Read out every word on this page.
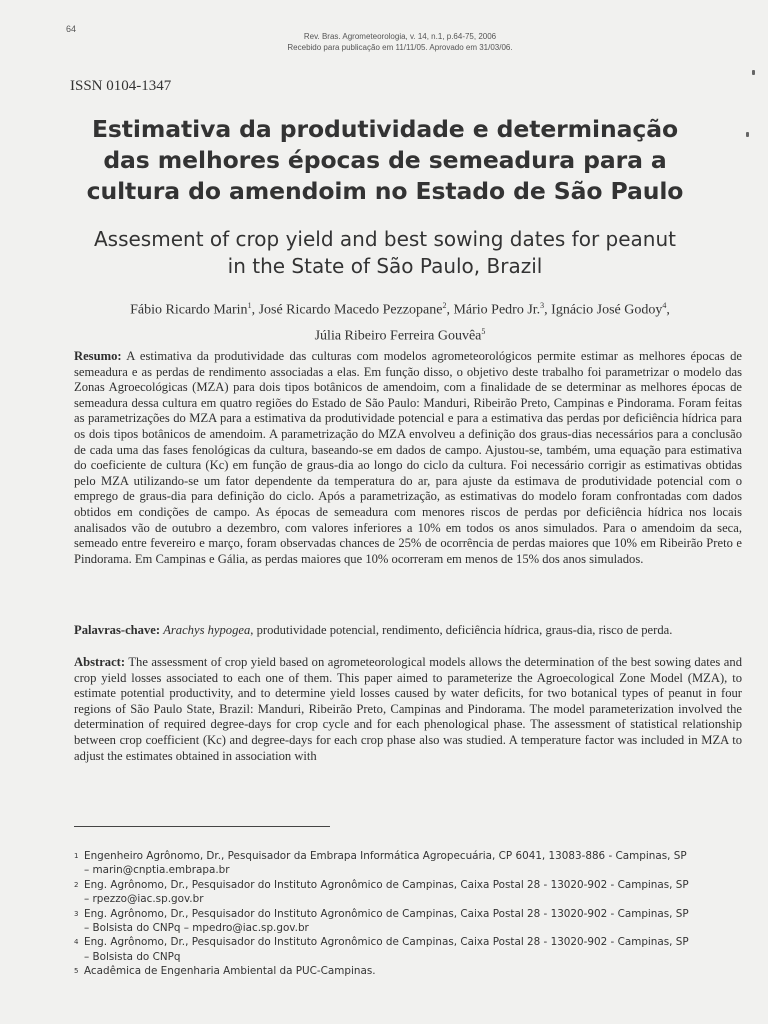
64
Rev. Bras. Agrometeorologia, v. 14, n.1, p.64-75, 2006
Recebido para publicação em 11/11/05. Aprovado em 31/03/06.
ISSN 0104-1347
Estimativa da produtividade e determinação
das melhores épocas de semeadura para a
cultura do amendoim no Estado de São Paulo
Assesment of crop yield and best sowing dates for peanut
in the State of São Paulo, Brazil
Fábio Ricardo Marin$^1$, José Ricardo Macedo Pezzopane$^2$, Mário Pedro Jr.$^3$, Ignácio José Godoy$^4$,
Júlia Ribeiro Ferreira Gouvêa$^5$
Resumo: A estimativa da produtividade das culturas com modelos agrometeorológicos permite estimar as melhores épocas de semeadura e as perdas de rendimento associadas a elas. Em função disso, o objetivo deste trabalho foi parametrizar o modelo das Zonas Agroecológicas (MZA) para dois tipos botânicos de amendoim, com a finalidade de se determinar as melhores épocas de semeadura dessa cultura em quatro regiões do Estado de São Paulo: Manduri, Ribeirão Preto, Campinas e Pindorama. Foram feitas as parametrizações do MZA para a estimativa da produtividade potencial e para a estimativa das perdas por deficiência hídrica para os dois tipos botânicos de amendoim. A parametrização do MZA envolveu a definição dos graus-dias necessários para a conclusão de cada uma das fases fenológicas da cultura, baseando-se em dados de campo. Ajustou-se, também, uma equação para estimativa do coeficiente de cultura (Kc) em função de graus-dia ao longo do ciclo da cultura. Foi necessário corrigir as estimativas obtidas pelo MZA utilizando-se um fator dependente da temperatura do ar, para ajuste da estimava de produtividade potencial com o emprego de graus-dia para definição do ciclo. Após a parametrização, as estimativas do modelo foram confrontadas com dados obtidos em condições de campo. As épocas de semeadura com menores riscos de perdas por deficiência hídrica nos locais analisados vão de outubro a dezembro, com valores inferiores a 10% em todos os anos simulados. Para o amendoim da seca, semeado entre fevereiro e março, foram observadas chances de 25% de ocorrência de perdas maiores que 10% em Ribeirão Preto e Pindorama. Em Campinas e Gália, as perdas maiores que 10% ocorreram em menos de 15% dos anos simulados.
Palavras-chave: Arachys hypogea, produtividade potencial, rendimento, deficiência hídrica, graus-dia, risco de perda.
Abstract: The assessment of crop yield based on agrometeorological models allows the determination of the best sowing dates and crop yield losses associated to each one of them. This paper aimed to parameterize the Agroecological Zone Model (MZA), to estimate potential productivity, and to determine yield losses caused by water deficits, for two botanical types of peanut in four regions of São Paulo State, Brazil: Manduri, Ribeirão Preto, Campinas and Pindorama. The model parameterization involved the determination of required degree-days for crop cycle and for each phenological phase. The assessment of statistical relationship between crop coefficient (Kc) and degree-days for each crop phase also was studied. A temperature factor was included in MZA to adjust the estimates obtained in association with
1 Engenheiro Agrônomo, Dr., Pesquisador da Embrapa Informática Agropecuária, CP 6041, 13083-886 - Campinas, SP
– marin@cnptia.embrapa.br
2 Eng. Agrônomo, Dr., Pesquisador do Instituto Agronômico de Campinas, Caixa Postal 28 - 13020-902 - Campinas, SP
– rpezzo@iac.sp.gov.br
3 Eng. Agrônomo, Dr., Pesquisador do Instituto Agronômico de Campinas, Caixa Postal 28 - 13020-902 - Campinas, SP
– Bolsista do CNPq – mpedro@iac.sp.gov.br
4 Eng. Agrônomo, Dr., Pesquisador do Instituto Agronômico de Campinas, Caixa Postal 28 - 13020-902 - Campinas, SP
– Bolsista do CNPq
5 Acadêmica de Engenharia Ambiental da PUC-Campinas.
